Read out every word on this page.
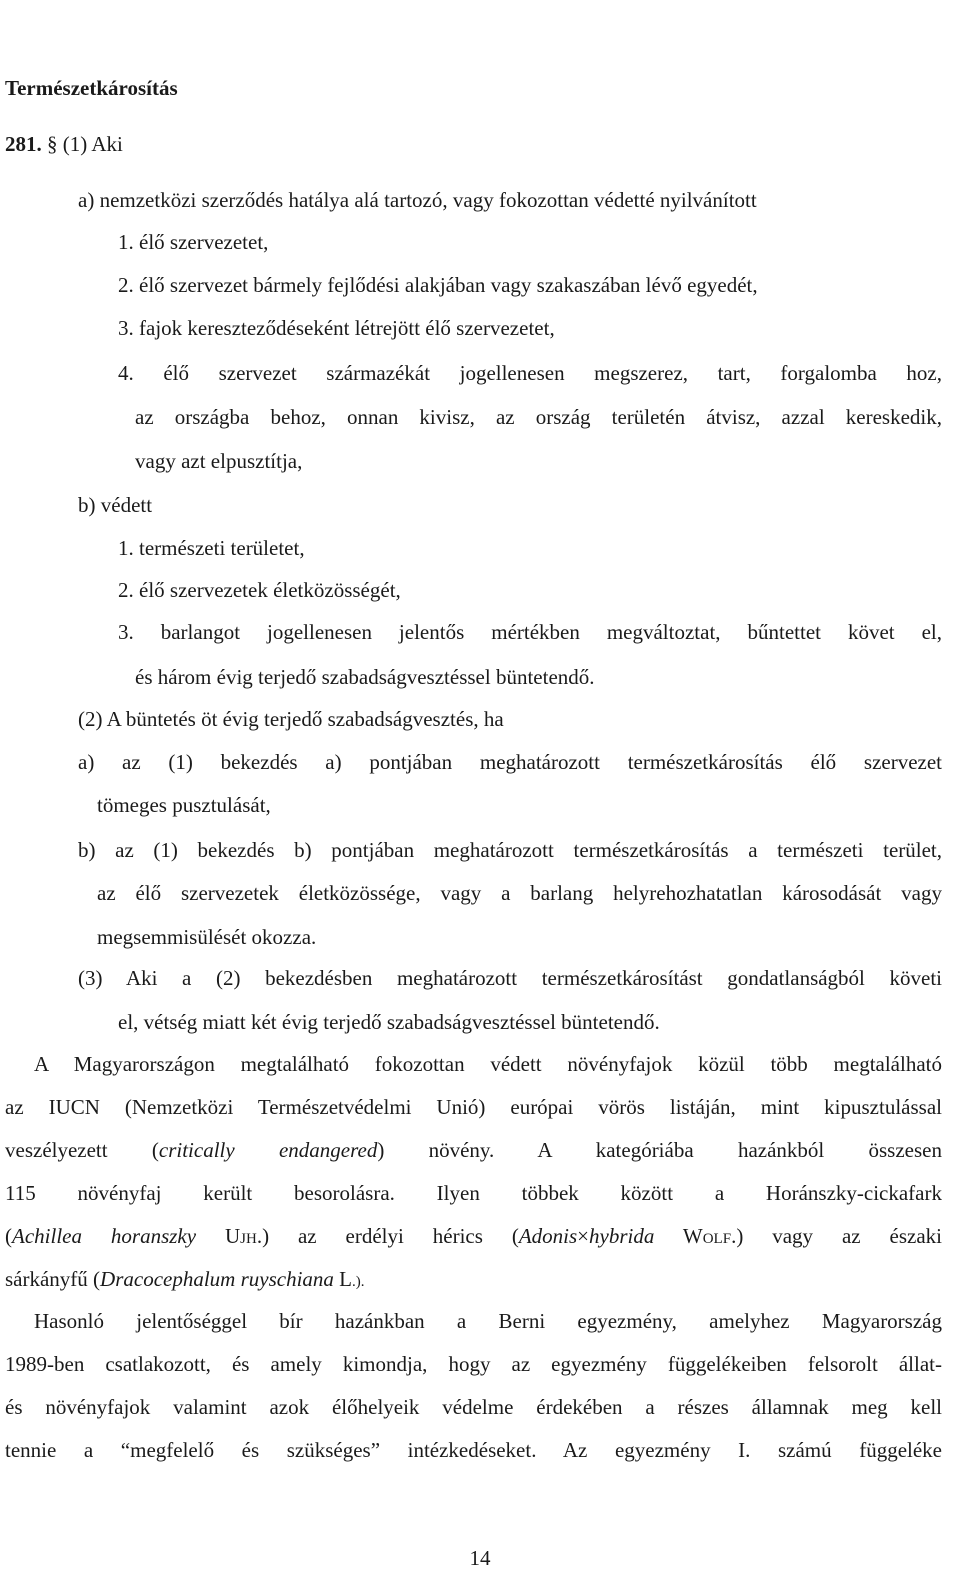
Természetkárosítás
281. § (1) Aki
a) nemzetközi szerződés hatálya alá tartozó, vagy fokozottan védetté nyilvánított
1. élő szervezetet,
2. élő szervezet bármely fejlődési alakjában vagy szakaszában lévő egyedét,
3. fajok kereszteződéseként létrejött élő szervezetet,
4. élő szervezet származékát jogellenesen megszerez, tart, forgalomba hoz,
az országba behoz, onnan kivisz, az ország területén átvisz, azzal kereskedik,
vagy azt elpusztítja,
b) védett
1. természeti területet,
2. élő szervezetek életközösségét,
3. barlangot jogellenesen jelentős mértékben megváltoztat, bűntettet követ el,
és három évig terjedő szabadságvesztéssel büntetendő.
(2) A büntetés öt évig terjedő szabadságvesztés, ha
a) az (1) bekezdés a) pontjában meghatározott természetkárosítás élő szervezet
tömeges pusztulását,
b) az (1) bekezdés b) pontjában meghatározott természetkárosítás a természeti terület,
az élő szervezetek életközössége, vagy a barlang helyrehozhatatlan károsodását vagy
megsemmisülését okozza.
(3) Aki a (2) bekezdésben meghatározott természetkárosítást gondatlanságból követi
el, vétség miatt két évig terjedő szabadságvesztéssel büntetendő.
A Magyarországon megtalálható fokozottan védett növényfajok közül több megtalálható
az IUCN (Nemzetközi Természetvédelmi Unió) európai vörös listáján, mint kipusztulással
veszélyezett (critically endangered) növény. A kategóriába hazánkból összesen
115 növényfaj került besorolásra. Ilyen többek között a Horánszky-cickafark
(Achillea horanszky UJH.) az erdélyi hérics (Adonis×hybrida WOLF.) vagy az északi
sárkányfű (Dracocephalum ruyschiana L.).
Hasonló jelentőséggel bír hazánkban a Berni egyezmény, amelyhez Magyarország
1989-ben csatlakozott, és amely kimondja, hogy az egyezmény függelékeiben felsorolt állat-
és növényfajok valamint azok élőhelyeik védelme érdekében a részes államnak meg kell
tennie a “megfelelő és szükséges” intézkedéseket. Az egyezmény I. számú függeléke
14
